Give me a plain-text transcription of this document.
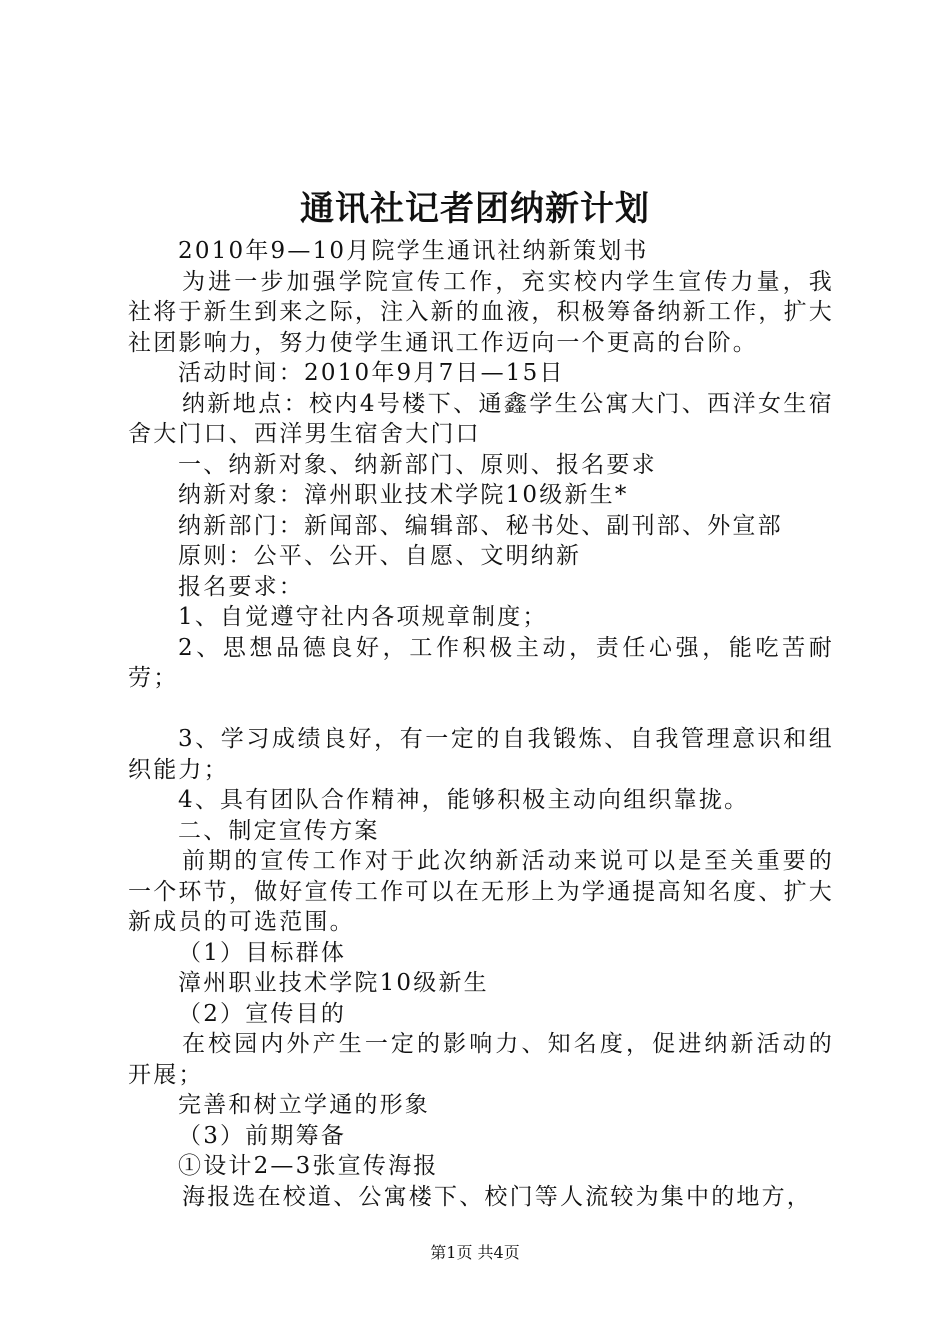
通讯社记者团纳新计划

2010年9—10月院学生通讯社纳新策划书

为进一步加强学院宣传工作，充实校内学生宣传力量，我社将于新生到来之际，注入新的血液，积极筹备纳新工作，扩大社团影响力，努力使学生通讯工作迈向一个更高的台阶。

活动时间：2010年9月7日—15日

纳新地点：校内4号楼下、通鑫学生公寓大门、西洋女生宿舍大门口、西洋男生宿舍大门口

一、纳新对象、纳新部门、原则、报名要求

纳新对象：漳州职业技术学院10级新生*

纳新部门：新闻部、编辑部、秘书处、副刊部、外宣部

原则：公平、公开、自愿、文明纳新

报名要求：

1、自觉遵守社内各项规章制度；

2、思想品德良好，工作积极主动，责任心强，能吃苦耐劳；

3、学习成绩良好，有一定的自我锻炼、自我管理意识和组织能力；

4、具有团队合作精神，能够积极主动向组织靠拢。

二、制定宣传方案

前期的宣传工作对于此次纳新活动来说可以是至关重要的一个环节，做好宣传工作可以在无形上为学通提高知名度、扩大新成员的可选范围。

（1）目标群体

漳州职业技术学院10级新生

（2）宣传目的

在校园内外产生一定的影响力、知名度，促进纳新活动的开展；

完善和树立学通的形象

（3）前期筹备

①设计2—3张宣传海报

海报选在校道、公寓楼下、校门等人流较为集中的地方，

第1页 共4页
